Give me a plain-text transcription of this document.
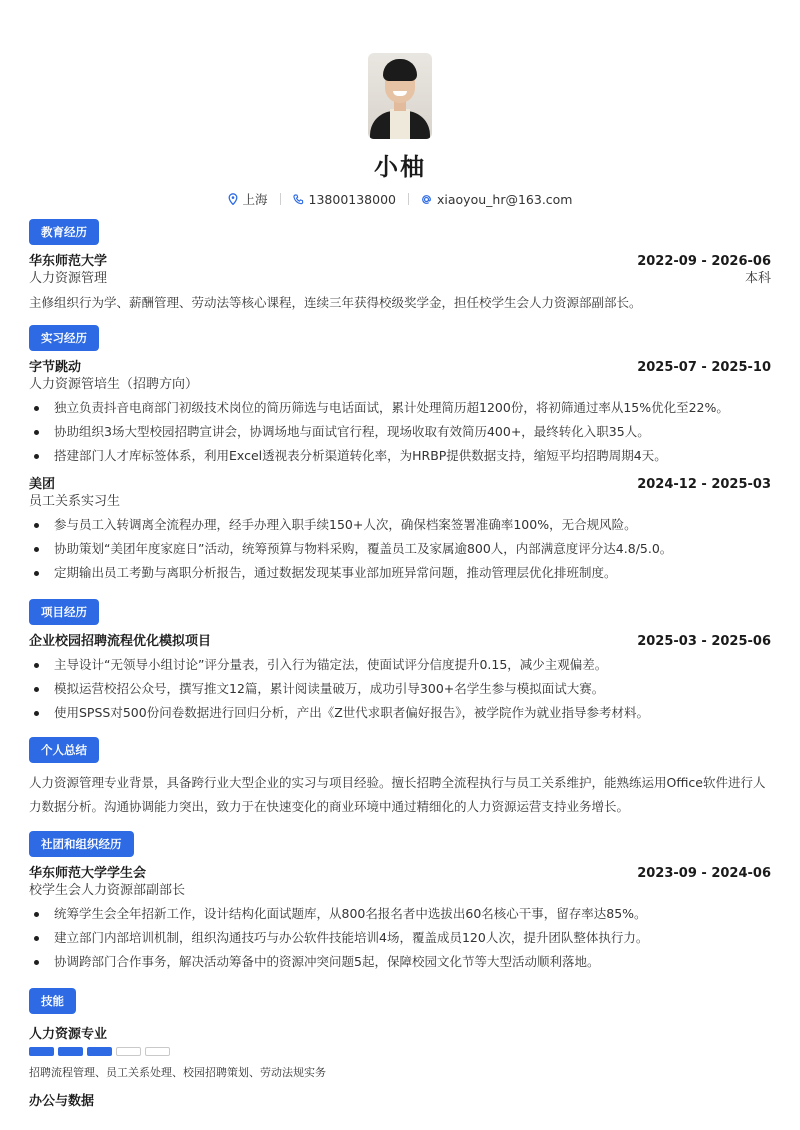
小柚
上海	13800138000	xiaoyou_hr@163.com
教育经历
华东师范大学	2022-09 - 2026-06
人力资源管理	本科
主修组织行为学、薪酬管理、劳动法等核心课程，连续三年获得校级奖学金，担任校学生会人力资源部副部长。
实习经历
字节跳动	2025-07 - 2025-10
人力资源管培生（招聘方向）
独立负责抖音电商部门初级技术岗位的简历筛选与电话面试，累计处理简历超1200份，将初筛通过率从15%优化至22%。
协助组织3场大型校园招聘宣讲会，协调场地与面试官行程，现场收取有效简历400+，最终转化入职35人。
搭建部门人才库标签体系，利用Excel透视表分析渠道转化率，为HRBP提供数据支持，缩短平均招聘周期4天。
美团	2024-12 - 2025-03
员工关系实习生
参与员工入转调离全流程办理，经手办理入职手续150+人次，确保档案签署准确率100%，无合规风险。
协助策划“美团年度家庭日”活动，统筹预算与物料采购，覆盖员工及家属逾800人，内部满意度评分达4.8/5.0。
定期输出员工考勤与离职分析报告，通过数据发现某事业部加班异常问题，推动管理层优化排班制度。
项目经历
企业校园招聘流程优化模拟项目	2025-03 - 2025-06
主导设计“无领导小组讨论”评分量表，引入行为锚定法，使面试评分信度提升0.15，减少主观偏差。
模拟运营校招公众号，撰写推文12篇，累计阅读量破万，成功引导300+名学生参与模拟面试大赛。
使用SPSS对500份问卷数据进行回归分析，产出《Z世代求职者偏好报告》，被学院作为就业指导参考材料。
个人总结
人力资源管理专业背景，具备跨行业大型企业的实习与项目经验。擅长招聘全流程执行与员工关系维护，能熟练运用Office软件进行人力数据分析。沟通协调能力突出，致力于在快速变化的商业环境中通过精细化的人力资源运营支持业务增长。
社团和组织经历
华东师范大学学生会	2023-09 - 2024-06
校学生会人力资源部副部长
统筹学生会全年招新工作，设计结构化面试题库，从800名报名者中选拔出60名核心干事，留存率达85%。
建立部门内部培训机制，组织沟通技巧与办公软件技能培训4场，覆盖成员120人次，提升团队整体执行力。
协调跨部门合作事务，解决活动筹备中的资源冲突问题5起，保障校园文化节等大型活动顺利落地。
技能
人力资源专业
招聘流程管理、员工关系处理、校园招聘策划、劳动法规实务
办公与数据
